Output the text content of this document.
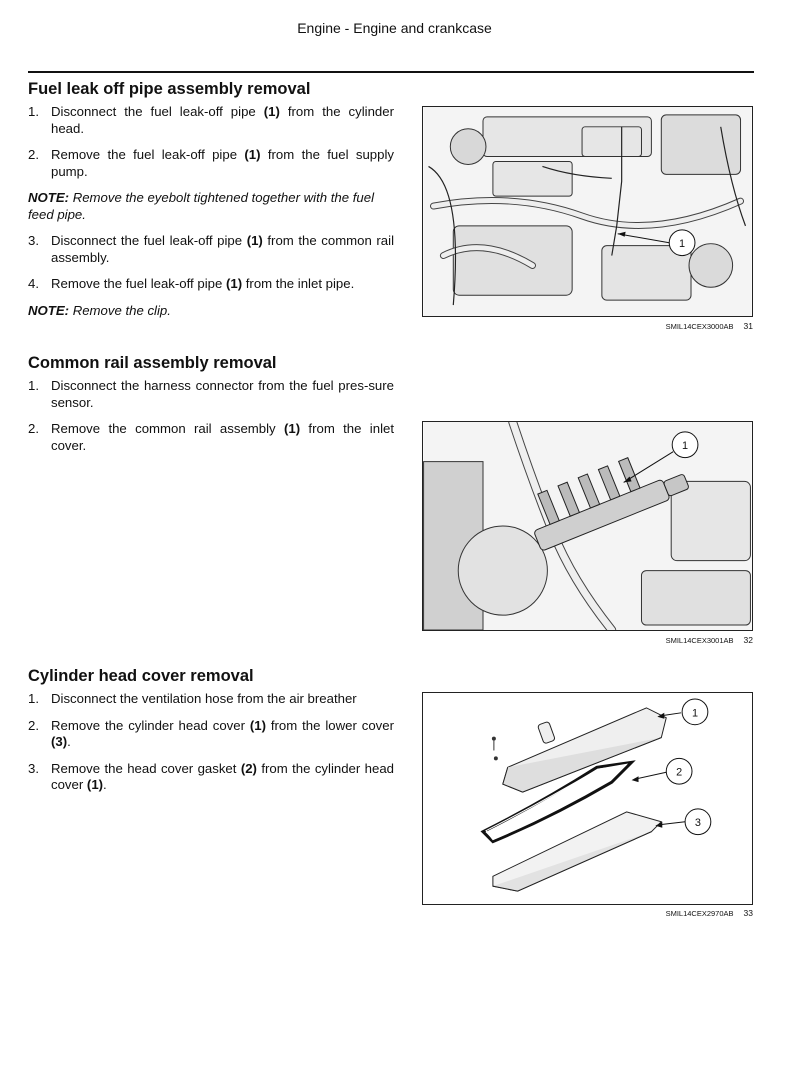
Engine - Engine and crankcase
Fuel leak off pipe assembly removal
1. Disconnect the fuel leak-off pipe (1) from the cylinder head.
2. Remove the fuel leak-off pipe (1) from the fuel supply pump.

NOTE: Remove the eyebolt tightened together with the fuel feed pipe.

3. Disconnect the fuel leak-off pipe (1) from the common rail assembly.
4. Remove the fuel leak-off pipe (1) from the inlet pipe.

NOTE: Remove the clip.

1
SMIL14CEX3000AB 31
Common rail assembly removal
1. Disconnect the harness connector from the fuel pres-sure sensor.
2. Remove the common rail assembly (1) from the inlet cover.	1
SMIL14CEX3001AB 32
Cylinder head cover removal
1. Disconnect the ventilation hose from the air breather
2. Remove the cylinder head cover (1) from the lower cover (3).
3. Remove the head cover gasket (2) from the cylinder head cover (1).
1
2
3
SMIL14CEX2970AB 33
